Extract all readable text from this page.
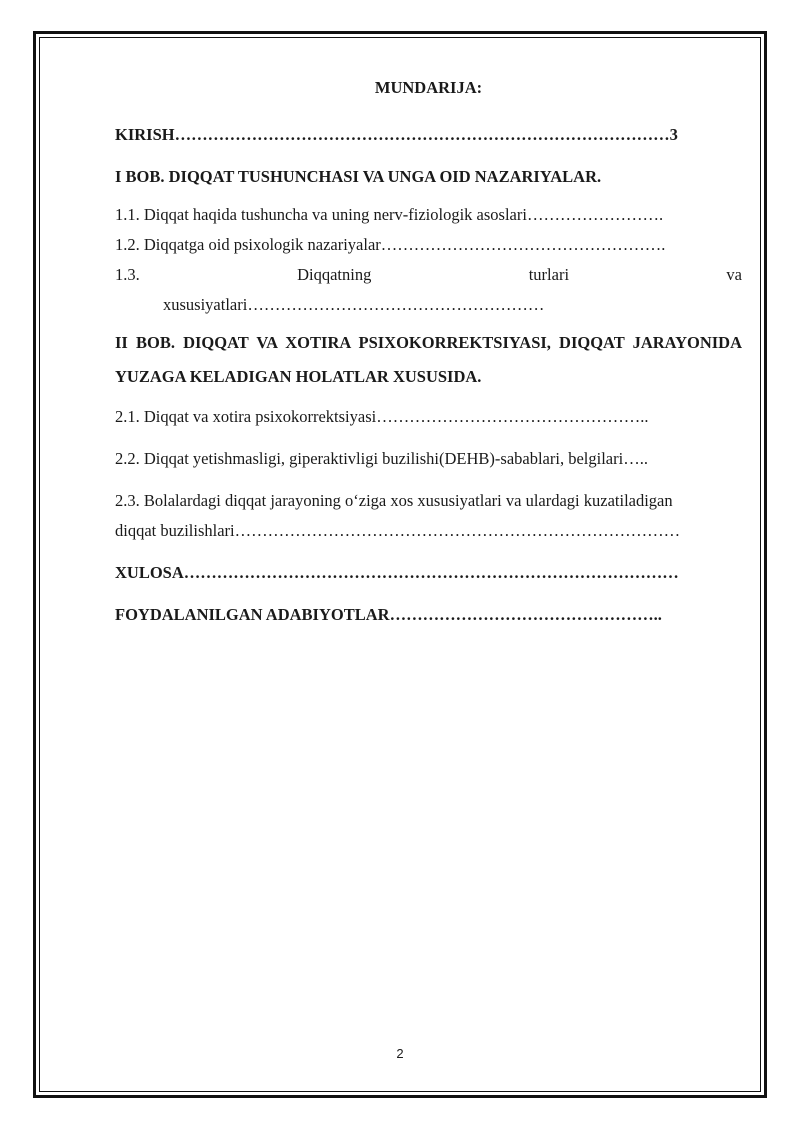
MUNDARIJA:
KIRISH………………………………………………………………………………3
I BOB. DIQQAT TUSHUNCHASI VA UNGA OID NAZARIYALAR.
1.1. Diqqat haqida tushuncha va uning nerv-fiziologik asoslari…………………….
1.2. Diqqatga oid psixologik nazariyalar…………………………………………….
1.3.	Diqqatning	turlari	va
xususiyatlari………………………………………………
II BOB. DIQQAT VA XOTIRA PSIXOKORREKTSIYASI, DIQQAT JARAYONIDA YUZAGA KELADIGAN HOLATLAR XUSUSIDA.
2.1. Diqqat va xotira psixokorrektsiyasi…………………………………………..
2.2. Diqqat yetishmasligi, giperaktivligi buzilishi(DEHB)-sabablari, belgilari…..
2.3. Bolalardagi diqqat jarayoning o‘ziga xos xususiyatlari va ulardagi kuzatiladigan
diqqat buzilishlari………………………………………………………………………
XULOSA………………………………………………………………………………
FOYDALANILGAN ADABIYOTLAR…………………………………………..
2
